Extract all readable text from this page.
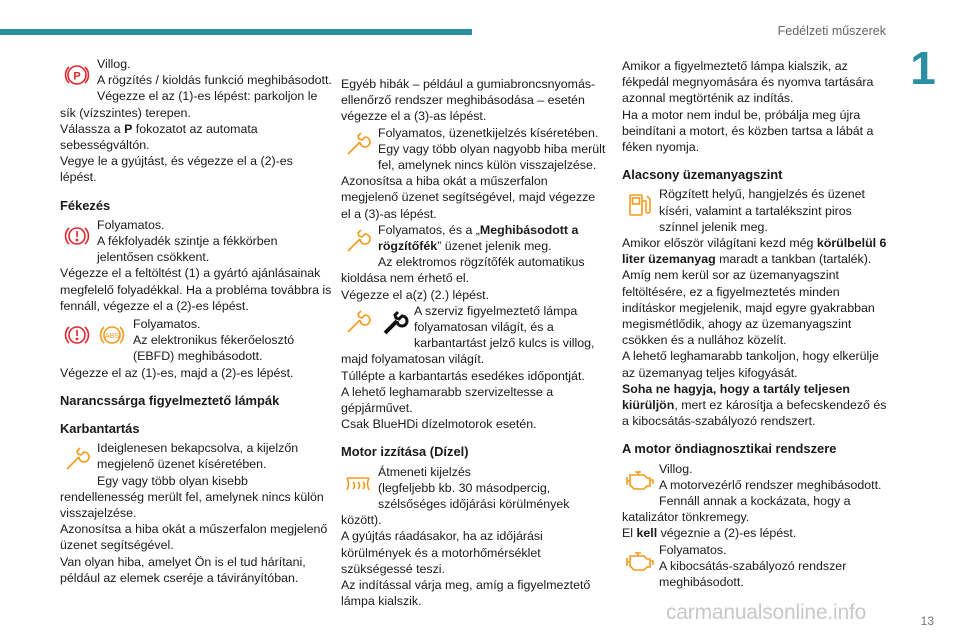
Fedélzeti műszerek
1
P
Villog.
A rögzítés / kioldás funkció meghibásodott.
Végezze el az (1)-es lépést: parkoljon le sík (vízszintes) terepen.
Válassza a P fokozatot az automata sebességváltón.
Vegye le a gyújtást, és végezze el a (2)-es lépést.
Fékezés
Folyamatos.
A fékfolyadék szintje a fékkörben jelentősen csökkent.
Végezze el a feltöltést (1) a gyártó ajánlásainak megfelelő folyadékkal. Ha a probléma továbbra is fennáll, végezze el a (2)-es lépést.
ABS
Folyamatos.
Az elektronikus fékerőelosztó (EBFD) meghibásodott.
Végezze el az (1)-es, majd a (2)-es lépést.
Narancssárga figyelmeztető lámpák
Karbantartás
Ideiglenesen bekapcsolva, a kijelzőn megjelenő üzenet kíséretében.
Egy vagy több olyan kisebb rendellenesség merült fel, amelynek nincs külön visszajelzése.
Azonosítsa a hiba okát a műszerfalon megjelenő üzenet segítségével.
Van olyan hiba, amelyet Ön is el tud hárítani, például az elemek cseréje a távirányítóban.
Egyéb hibák – például a gumiabroncsnyomás-ellenőrző rendszer meghibásodása – esetén végezze el a (3)-as lépést.
Folyamatos, üzenetkijelzés kíséretében.
Egy vagy több olyan nagyobb hiba merült fel, amelynek nincs külön visszajelzése.
Azonosítsa a hiba okát a műszerfalon megjelenő üzenet segítségével, majd végezze el a (3)-as lépést.
Folyamatos, és a „Meghibásodott a rögzítőfék” üzenet jelenik meg.
Az elektromos rögzítőfék automatikus kioldása nem érhető el.
Végezze el a(z) (2.) lépést.
A szerviz figyelmeztető lámpa folyamatosan világít, és a karbantartást jelző kulcs is villog, majd folyamatosan világít.
Túllépte a karbantartás esedékes időpontját.
A lehető leghamarabb szervizeltesse a gépjárművet.
Csak BlueHDi dízelmotorok esetén.
Motor izzítása (Dízel)
Átmeneti kijelzés
(legfeljebb kb. 30 másodpercig, szélsőséges időjárási körülmények között).
A gyújtás ráadásakor, ha az időjárási körülmények és a motorhőmérséklet szükségessé teszi.
Az indítással várja meg, amíg a figyelmeztető lámpa kialszik.
Amikor a figyelmeztető lámpa kialszik, az fékpedál megnyomására és nyomva tartására azonnal megtörténik az indítás.
Ha a motor nem indul be, próbálja meg újra beindítani a motort, és közben tartsa a lábát a féken nyomja.
Alacsony üzemanyagszint
Rögzített helyű, hangjelzés és üzenet kíséri, valamint a tartalékszint piros színnel jelenik meg.
Amikor először világítani kezd még körülbelül 6 liter üzemanyag maradt a tankban (tartalék).
Amíg nem kerül sor az üzemanyagszint feltöltésére, ez a figyelmeztetés minden indításkor megjelenik, majd egyre gyakrabban megismétlődik, ahogy az üzemanyagszint csökken és a nullához közelít.
A lehető leghamarabb tankoljon, hogy elkerülje az üzemanyag teljes kifogyását.
Soha ne hagyja, hogy a tartály teljesen kiürüljön, mert ez károsítja a befecskendező és a kibocsátás-szabályozó rendszert.
A motor öndiagnosztikai rendszere
Villog.
A motorvezérlő rendszer meghibásodott.
Fennáll annak a kockázata, hogy a katalizátor tönkremegy.
El kell végeznie a (2)-es lépést.
Folyamatos.
A kibocsátás-szabályozó rendszer meghibásodott.
carmanualsonline.info	13
